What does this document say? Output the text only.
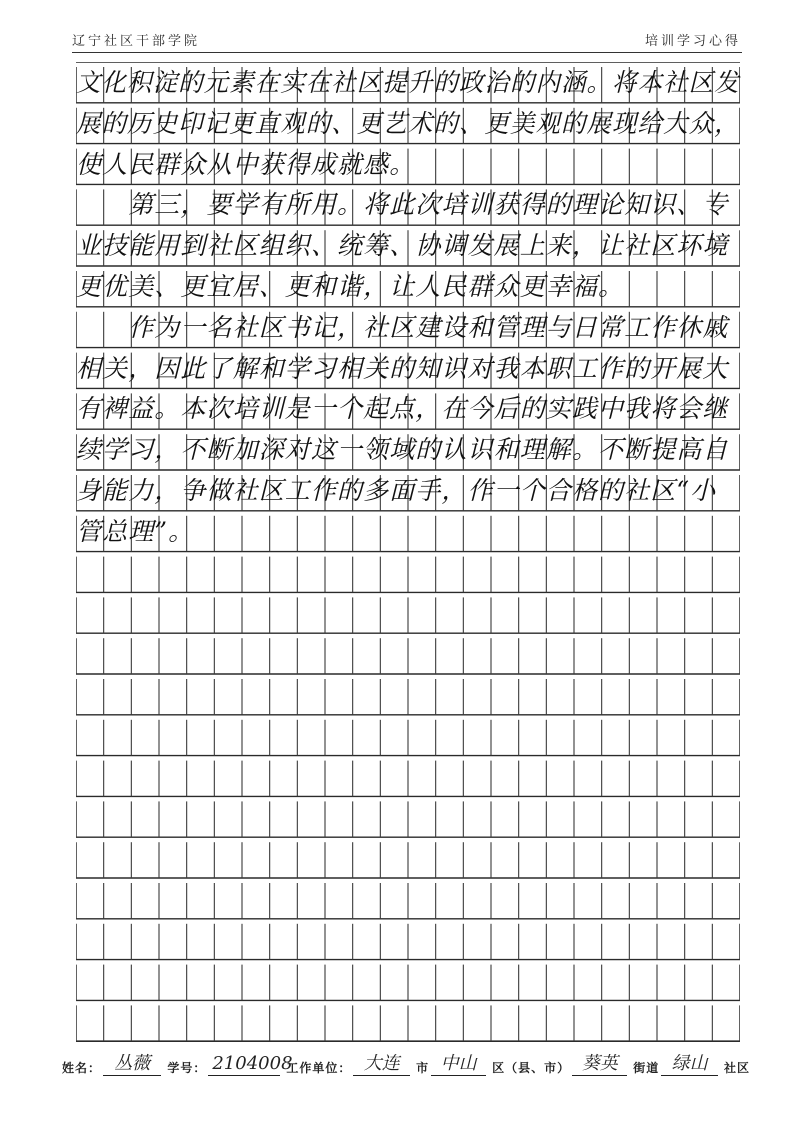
辽宁社区干部学院	培训学习心得
文化积淀的元素在实在社区提升的政治的内涵。将本社区发
展的历史印记更直观的、更艺术的、更美观的展现给大众，
使人民群众从中获得成就感。
　　第三，要学有所用。将此次培训获得的理论知识、专
业技能用到社区组织、统筹、协调发展上来，让社区环境
更优美、更宜居、更和谐，让人民群众更幸福。
　　作为一名社区书记，社区建设和管理与日常工作休戚
相关，因此了解和学习相关的知识对我本职工作的开展大
有裨益。本次培训是一个起点，在今后的实践中我将会继
续学习，不断加深对这一领域的认识和理解。不断提高自
身能力，争做社区工作的多面手，作一个合格的社区“小
管总理”。
姓名： 丛薇	学号： 2104008
工作单位： 大连	市 中山	区（县、市） 葵英	街道 绿山	社区
